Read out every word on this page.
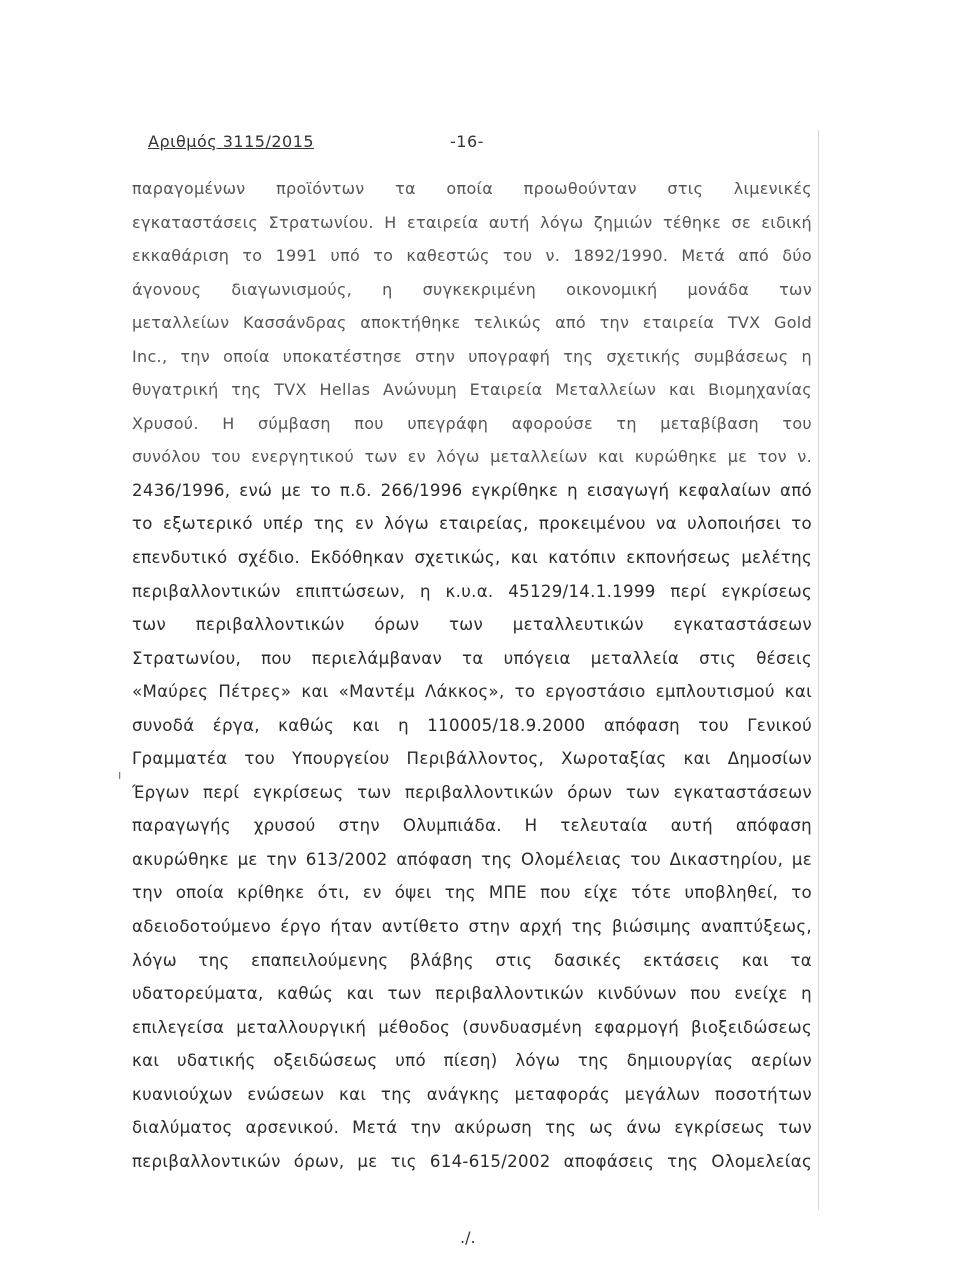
Αριθμός 3115/2015	-16-
παραγομένων προϊόντων τα οποία προωθούνταν στις λιμενικές
εγκαταστάσεις Στρατωνίου. Η εταιρεία αυτή λόγω ζημιών τέθηκε σε ειδική
εκκαθάριση το 1991 υπό το καθεστώς του ν. 1892/1990. Μετά από δύο
άγονους διαγωνισμούς, η συγκεκριμένη οικονομική μονάδα των
μεταλλείων Κασσάνδρας αποκτήθηκε τελικώς από την εταιρεία TVX Gold
Inc., την οποία υποκατέστησε στην υπογραφή της σχετικής συμβάσεως η
θυγατρική της TVX Hellas Ανώνυμη Εταιρεία Μεταλλείων και Βιομηχανίας
Χρυσού. Η σύμβαση που υπεγράφη αφορούσε τη μεταβίβαση του
συνόλου του ενεργητικού των εν λόγω μεταλλείων και κυρώθηκε με τον ν.
2436/1996, ενώ με το π.δ. 266/1996 εγκρίθηκε η εισαγωγή κεφαλαίων από
το εξωτερικό υπέρ της εν λόγω εταιρείας, προκειμένου να υλοποιήσει το
επενδυτικό σχέδιο. Εκδόθηκαν σχετικώς, και κατόπιν εκπονήσεως μελέτης
περιβαλλοντικών επιπτώσεων, η κ.υ.α. 45129/14.1.1999 περί εγκρίσεως
των περιβαλλοντικών όρων των μεταλλευτικών εγκαταστάσεων
Στρατωνίου, που περιελάμβαναν τα υπόγεια μεταλλεία στις θέσεις
«Μαύρες Πέτρες» και «Μαντέμ Λάκκος», το εργοστάσιο εμπλουτισμού και
συνοδά έργα, καθώς και η 110005/18.9.2000 απόφαση του Γενικού
Γραμματέα του Υπουργείου Περιβάλλοντος, Χωροταξίας και Δημοσίων
Έργων περί εγκρίσεως των περιβαλλοντικών όρων των εγκαταστάσεων
παραγωγής χρυσού στην Ολυμπιάδα. Η τελευταία αυτή απόφαση
ακυρώθηκε με την 613/2002 απόφαση της Ολομέλειας του Δικαστηρίου, με
την οποία κρίθηκε ότι, εν όψει της ΜΠΕ που είχε τότε υποβληθεί, το
αδειοδοτούμενο έργο ήταν αντίθετο στην αρχή της βιώσιμης αναπτύξεως,
λόγω της επαπειλούμενης βλάβης στις δασικές εκτάσεις και τα
υδατορεύματα, καθώς και των περιβαλλοντικών κινδύνων που ενείχε η
επιλεγείσα μεταλλουργική μέθοδος (συνδυασμένη εφαρμογή βιοξειδώσεως
και υδατικής οξειδώσεως υπό πίεση) λόγω της δημιουργίας αερίων
κυανιούχων ενώσεων και της ανάγκης μεταφοράς μεγάλων ποσοτήτων
διαλύματος αρσενικού. Μετά την ακύρωση της ως άνω εγκρίσεως των
περιβαλλοντικών όρων, με τις 614-615/2002 αποφάσεις της Ολομελείας
ı
./.
